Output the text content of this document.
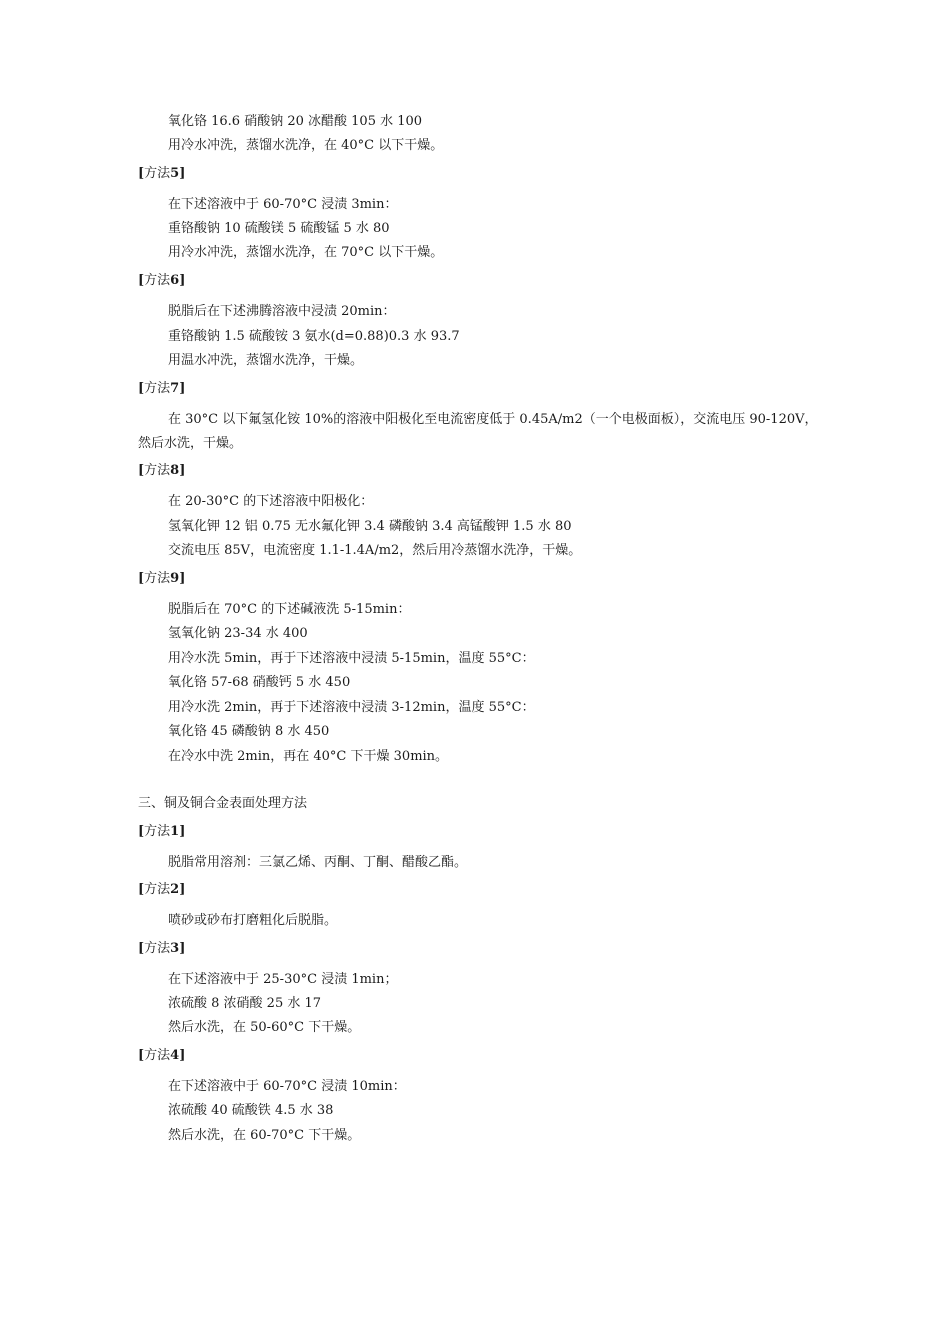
氧化铬 16.6 硝酸钠 20 冰醋酸 105 水 100
用冷水冲洗，蒸馏水洗净，在 40°C 以下干燥。
[方法5]
在下述溶液中于 60-70°C 浸渍 3min：
重铬酸钠 10 硫酸镁 5 硫酸锰 5 水 80
用冷水冲洗，蒸馏水洗净，在 70°C 以下干燥。
[方法6]
脱脂后在下述沸腾溶液中浸渍 20min：
重铬酸钠 1.5 硫酸铵 3 氨水(d=0.88)0.3 水 93.7
用温水冲洗，蒸馏水洗净，干燥。
[方法7]
在 30°C 以下氟氢化铵 10%的溶液中阳极化至电流密度低于 0.45A/m2（一个电极面板），交流电压 90-120V，然后水洗，干燥。
[方法8]
在 20-30°C 的下述溶液中阳极化：
氢氧化钾 12 铝 0.75 无水氟化钾 3.4 磷酸钠 3.4 高锰酸钾 1.5 水 80
交流电压 85V，电流密度 1.1-1.4A/m2，然后用冷蒸馏水洗净，干燥。
[方法9]
脱脂后在 70°C 的下述碱液洗 5-15min：
氢氧化钠 23-34 水 400
用冷水洗 5min，再于下述溶液中浸渍 5-15min，温度 55°C：
氧化铬 57-68 硝酸钙 5 水 450
用冷水洗 2min，再于下述溶液中浸渍 3-12min，温度 55°C：
氧化铬 45 磷酸钠 8 水 450
在冷水中洗 2min，再在 40°C 下干燥 30min。
三、铜及铜合金表面处理方法
[方法1]
脱脂常用溶剂：三氯乙烯、丙酮、丁酮、醋酸乙酯。
[方法2]
喷砂或砂布打磨粗化后脱脂。
[方法3]
在下述溶液中于 25-30°C 浸渍 1min；
浓硫酸 8 浓硝酸 25 水 17
然后水洗，在 50-60°C 下干燥。
[方法4]
在下述溶液中于 60-70°C 浸渍 10min：
浓硫酸 40 硫酸铁 4.5 水 38
然后水洗，在 60-70°C 下干燥。
